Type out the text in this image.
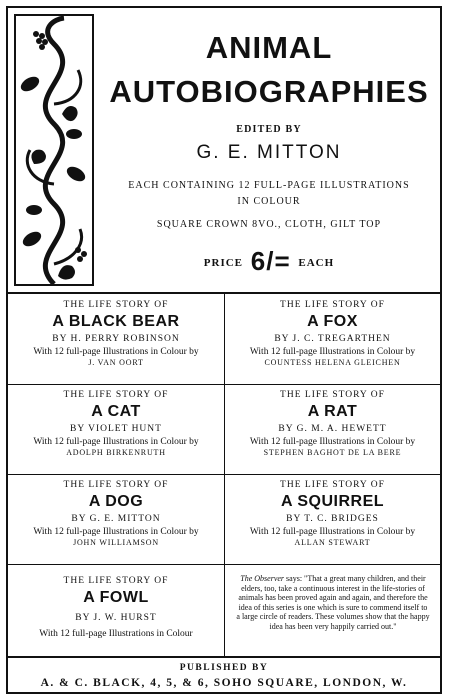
ANIMAL
AUTOBIOGRAPHIES
EDITED BY
G. E. MITTON
EACH CONTAINING 12 FULL-PAGE ILLUSTRATIONS
IN COLOUR
SQUARE CROWN 8VO., CLOTH, GILT TOP
PRICE 6/= EACH
THE LIFE STORY OF
A BLACK BEAR
BY H. PERRY ROBINSON
With 12 full-page Illustrations in Colour by
J. VAN OORT
THE LIFE STORY OF
A FOX
BY J. C. TREGARTHEN
With 12 full-page Illustrations in Colour by
COUNTESS HELENA GLEICHEN
THE LIFE STORY OF
A CAT
BY VIOLET HUNT
With 12 full-page Illustrations in Colour by
ADOLPH BIRKENRUTH
THE LIFE STORY OF
A RAT
BY G. M. A. HEWETT
With 12 full-page Illustrations in Colour by
STEPHEN BAGHOT DE LA BERE
THE LIFE STORY OF
A DOG
BY G. E. MITTON
With 12 full-page Illustrations in Colour by
JOHN WILLIAMSON
THE LIFE STORY OF
A SQUIRREL
BY T. C. BRIDGES
With 12 full-page Illustrations in Colour by
ALLAN STEWART
THE LIFE STORY OF
A FOWL
BY J. W. HURST
With 12 full-page Illustrations in Colour
The Observer says: "That a great many children, and their elders, too, take a continuous interest in the life-stories of animals has been proved again and again, and therefore the idea of this series is one which is sure to commend itself to a large circle of readers. These volumes show that the happy idea has been very happily carried out."
PUBLISHED BY
A. & C. BLACK, 4, 5, & 6, SOHO SQUARE, LONDON, W.
